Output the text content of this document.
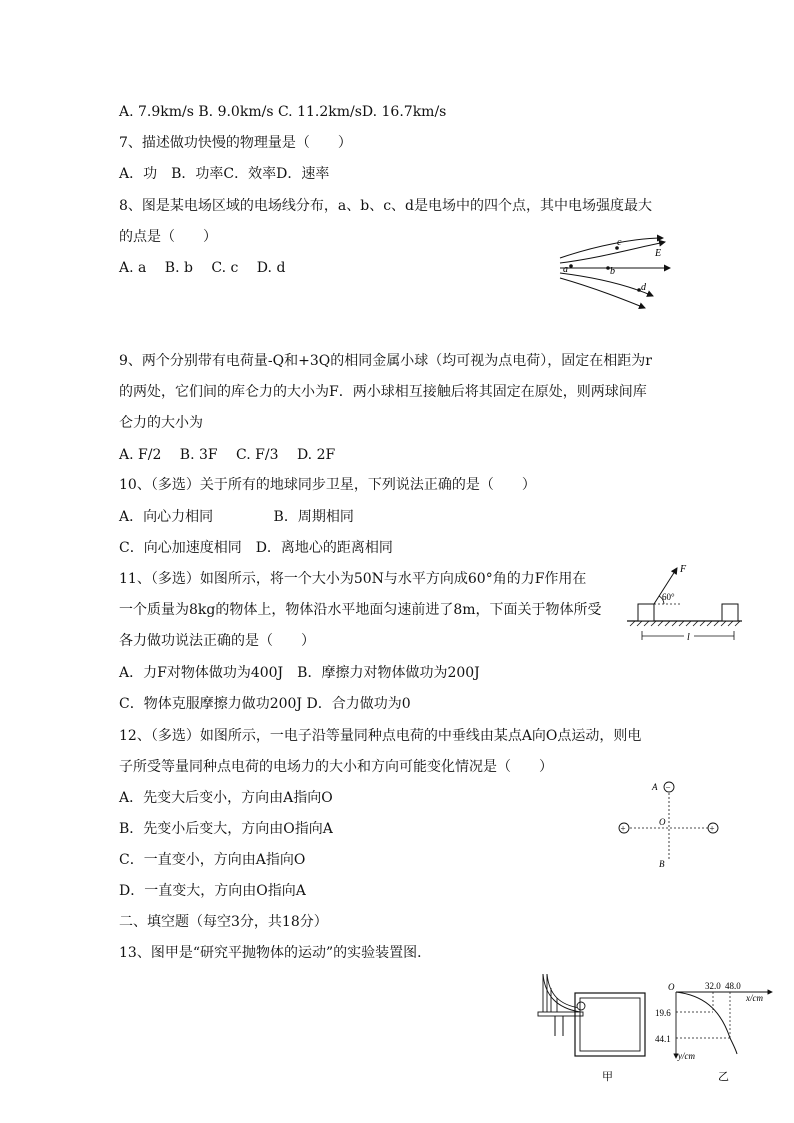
A. 7.9km/s B. 9.0km/s C. 11.2km/sD. 16.7km/s
7、描述做功快慢的物理量是（　　）
A．功　B．功率C．效率D．速率
8、图是某电场区域的电场线分布，a、b、c、d是电场中的四个点，其中电场强度最大
的点是（　　）
A. a　 B. b　 C. c　 D. d
9、两个分别带有电荷量-Q和+3Q的相同金属小球（均可视为点电荷），固定在相距为r
的两处，它们间的库仑力的大小为F．两小球相互接触后将其固定在原处，则两球间库
仑力的大小为
A. F/2　 B. 3F　 C. F/3　 D. 2F
10、（多选）关于所有的地球同步卫星，下列说法正确的是（　　）
A．向心力相同　　　　 B．周期相同
C．向心加速度相同　D．离地心的距离相同
11、（多选）如图所示，将一个大小为50N与水平方向成60°角的力F作用在
一个质量为8kg的物体上，物体沿水平地面匀速前进了8m，下面关于物体所受
各力做功说法正确的是（　　）
A．力F对物体做功为400J　B．摩擦力对物体做功为200J
C．物体克服摩擦力做功200J D．合力做功为0
12、（多选）如图所示，一电子沿等量同种点电荷的中垂线由某点A向O点运动，则电
子所受等量同种点电荷的电场力的大小和方向可能变化情况是（　　）
A．先变大后变小，方向由A指向O
B．先变小后变大，方向由O指向A
C．一直变小，方向由A指向O
D．一直变大，方向由O指向A
二、填空题（每空3分，共18分）
13、图甲是“研究平抛物体的运动”的实验装置图．
a	b
c
d
E
F
60°
l
−
+	+
A
O
B
甲
O	32.0 48.0
x/cm
19.6
44.1
y/cm
乙
